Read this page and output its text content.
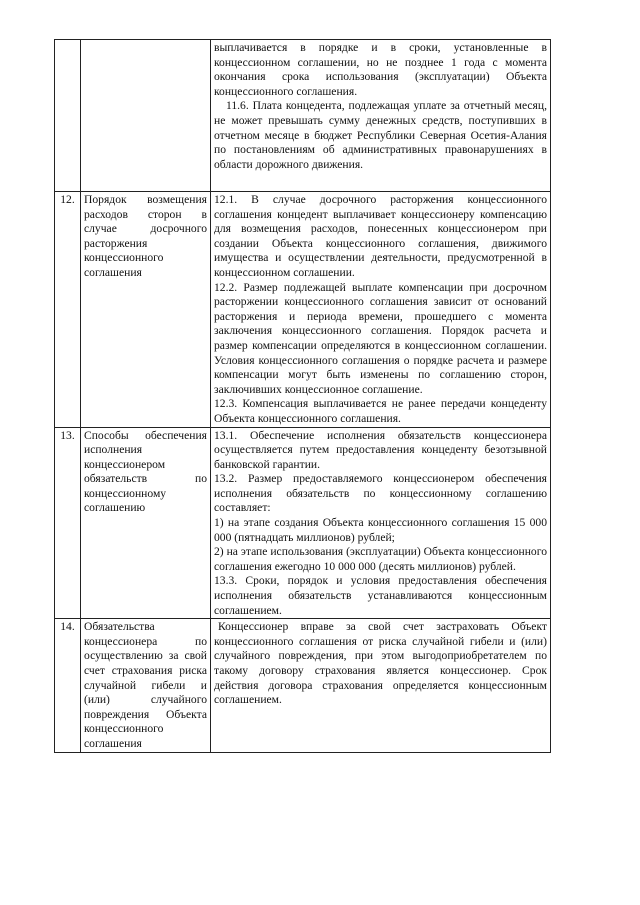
		выплачивается в порядке и в сроки, установленные в концессионном соглашении, но не позднее 1 года с момента окончания срока использования (эксплуатации) Объекта концессионного соглашения.

11.6. Плата концедента, подлежащая уплате за отчетный месяц, не может превышать сумму денежных средств, поступивших в отчетном месяце в бюджет Республики Северная Осетия-Алания по постановлениям об административных правонарушениях в области дорожного движения.

12.	Порядок возмещения расходов сторон в случае досрочного расторжения концессионного соглашения	12.1. В случае досрочного расторжения концессионного соглашения концедент выплачивает концессионеру компенсацию для возмещения расходов, понесенных концессионером при создании Объекта концессионного соглашения, движимого имущества и осуществлении деятельности, предусмотренной в концессионном соглашении.

12.2. Размер подлежащей выплате компенсации при досрочном расторжении концессионного соглашения зависит от оснований расторжения и периода времени, прошедшего с момента заключения концессионного соглашения. Порядок расчета и размер компенсации определяются в концессионном соглашении. Условия концессионного соглашения о порядке расчета и размере компенсации могут быть изменены по соглашению сторон, заключивших концессионное соглашение.

12.3. Компенсация выплачивается не ранее передачи концеденту Объекта концессионного соглашения.

13.	Способы обеспечения исполнения концессионером обязательств по концессионному соглашению	13.1. Обеспечение исполнения обязательств концессионера осуществляется путем предоставления концеденту безотзывной банковской гарантии.

13.2. Размер предоставляемого концессионером обеспечения исполнения обязательств по концессионному соглашению составляет:

1) на этапе создания Объекта концессионного соглашения 15 000 000 (пятнадцать миллионов) рублей;

2) на этапе использования (эксплуатации) Объекта концессионного соглашения ежегодно 10 000 000 (десять миллионов) рублей.

13.3. Сроки, порядок и условия предоставления обеспечения исполнения обязательств устанавливаются концессионным соглашением.

14.	Обязательства концессионера по осуществлению за свой счет страхования риска случайной гибели и (или) случайного повреждения Объекта концессионного соглашения	Концессионер вправе за свой счет застраховать Объект концессионного соглашения от риска случайной гибели и (или) случайного повреждения, при этом выгодоприобретателем по такому договору страхования является концессионер. Срок действия договора страхования определяется концессионным соглашением.
